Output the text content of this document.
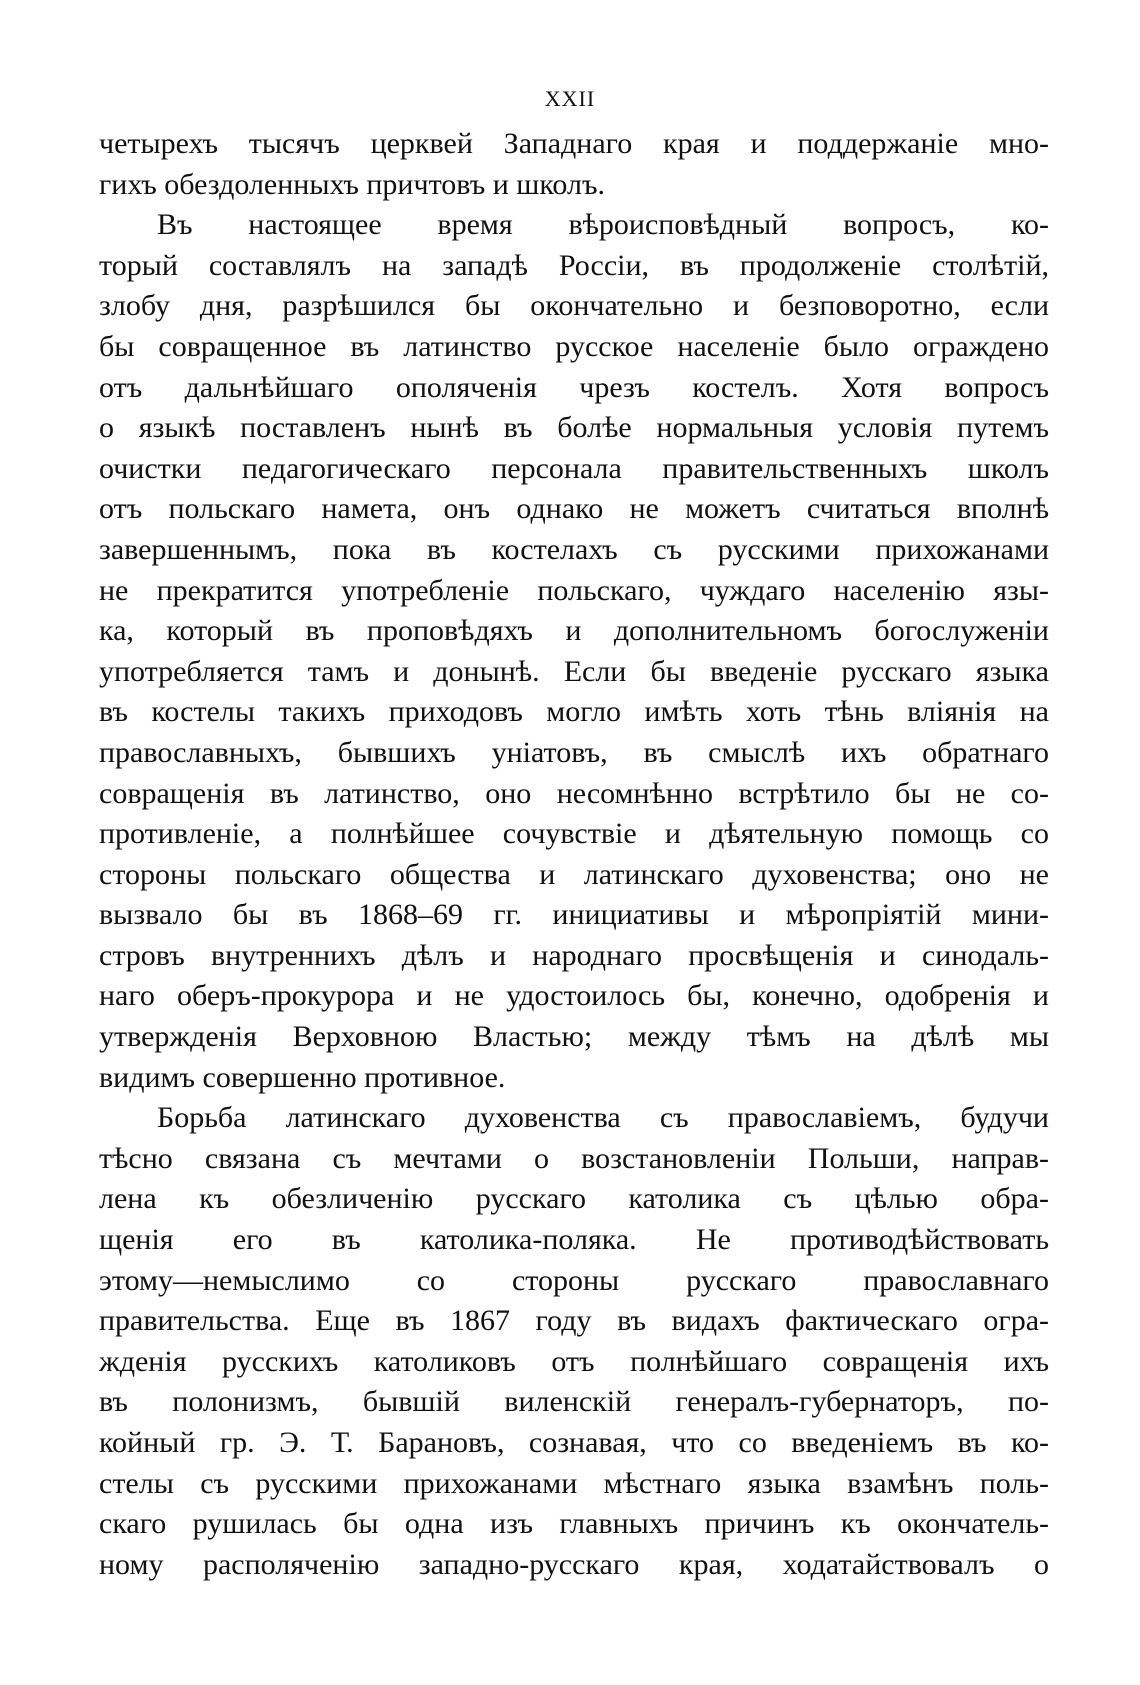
XXII
четырехъ тысячъ церквей Западнаго края и поддержаніе мно-
гихъ обездоленныхъ причтовъ и школъ.
Въ настоящее время вѣроисповѣдный вопросъ, ко-
торый составлялъ на западѣ Россіи, въ продолженіе столѣтій,
злобу дня, разрѣшился бы окончательно и безповоротно, если
бы совращенное въ латинство русское населеніе было ограждено
отъ дальнѣйшаго ополяченія чрезъ костелъ. Хотя вопросъ
о языкѣ поставленъ нынѣ въ болѣе нормальныя условія путемъ
очистки педагогическаго персонала правительственныхъ школъ
отъ польскаго намета, онъ однако не можетъ считаться вполнѣ
завершеннымъ, пока въ костелахъ съ русскими прихожанами
не прекратится употребленіе польскаго, чуждаго населенію язы-
ка, который въ проповѣдяхъ и дополнительномъ богослуженіи
употребляется тамъ и донынѣ. Если бы введеніе русскаго языка
въ костелы такихъ приходовъ могло имѣть хоть тѣнь вліянія на
православныхъ, бывшихъ уніатовъ, въ смыслѣ ихъ обратнаго
совращенія въ латинство, оно несомнѣнно встрѣтило бы не со-
противленіе, а полнѣйшее сочувствіе и дѣятельную помощь со
стороны польскаго общества и латинскаго духовенства; оно не
вызвало бы въ 1868–69 гг. инициативы и мѣропріятій мини-
стровъ внутреннихъ дѣлъ и народнаго просвѣщенія и синодаль-
наго оберъ-прокурора и не удостоилось бы, конечно, одобренія и
утвержденія Верховною Властью; между тѣмъ на дѣлѣ мы
видимъ совершенно противное.
Борьба латинскаго духовенства съ православіемъ, будучи
тѣсно связана съ мечтами о возстановленіи Польши, направ-
лена къ обезличенію русскаго католика съ цѣлью обра-
щенія его въ католика-поляка. Не противодѣйствовать
этому—немыслимо со стороны русскаго православнаго
правительства. Еще въ 1867 году въ видахъ фактическаго огра-
жденія русскихъ католиковъ отъ полнѣйшаго совращенія ихъ
въ полонизмъ, бывшій виленскій генералъ-губернаторъ, по-
койный гр. Э. Т. Барановъ, сознавая, что со введеніемъ въ ко-
стелы съ русскими прихожанами мѣстнаго языка взамѣнъ поль-
скаго рушилась бы одна изъ главныхъ причинъ къ окончатель-
ному располяченію западно-русскаго края, ходатайствовалъ о
